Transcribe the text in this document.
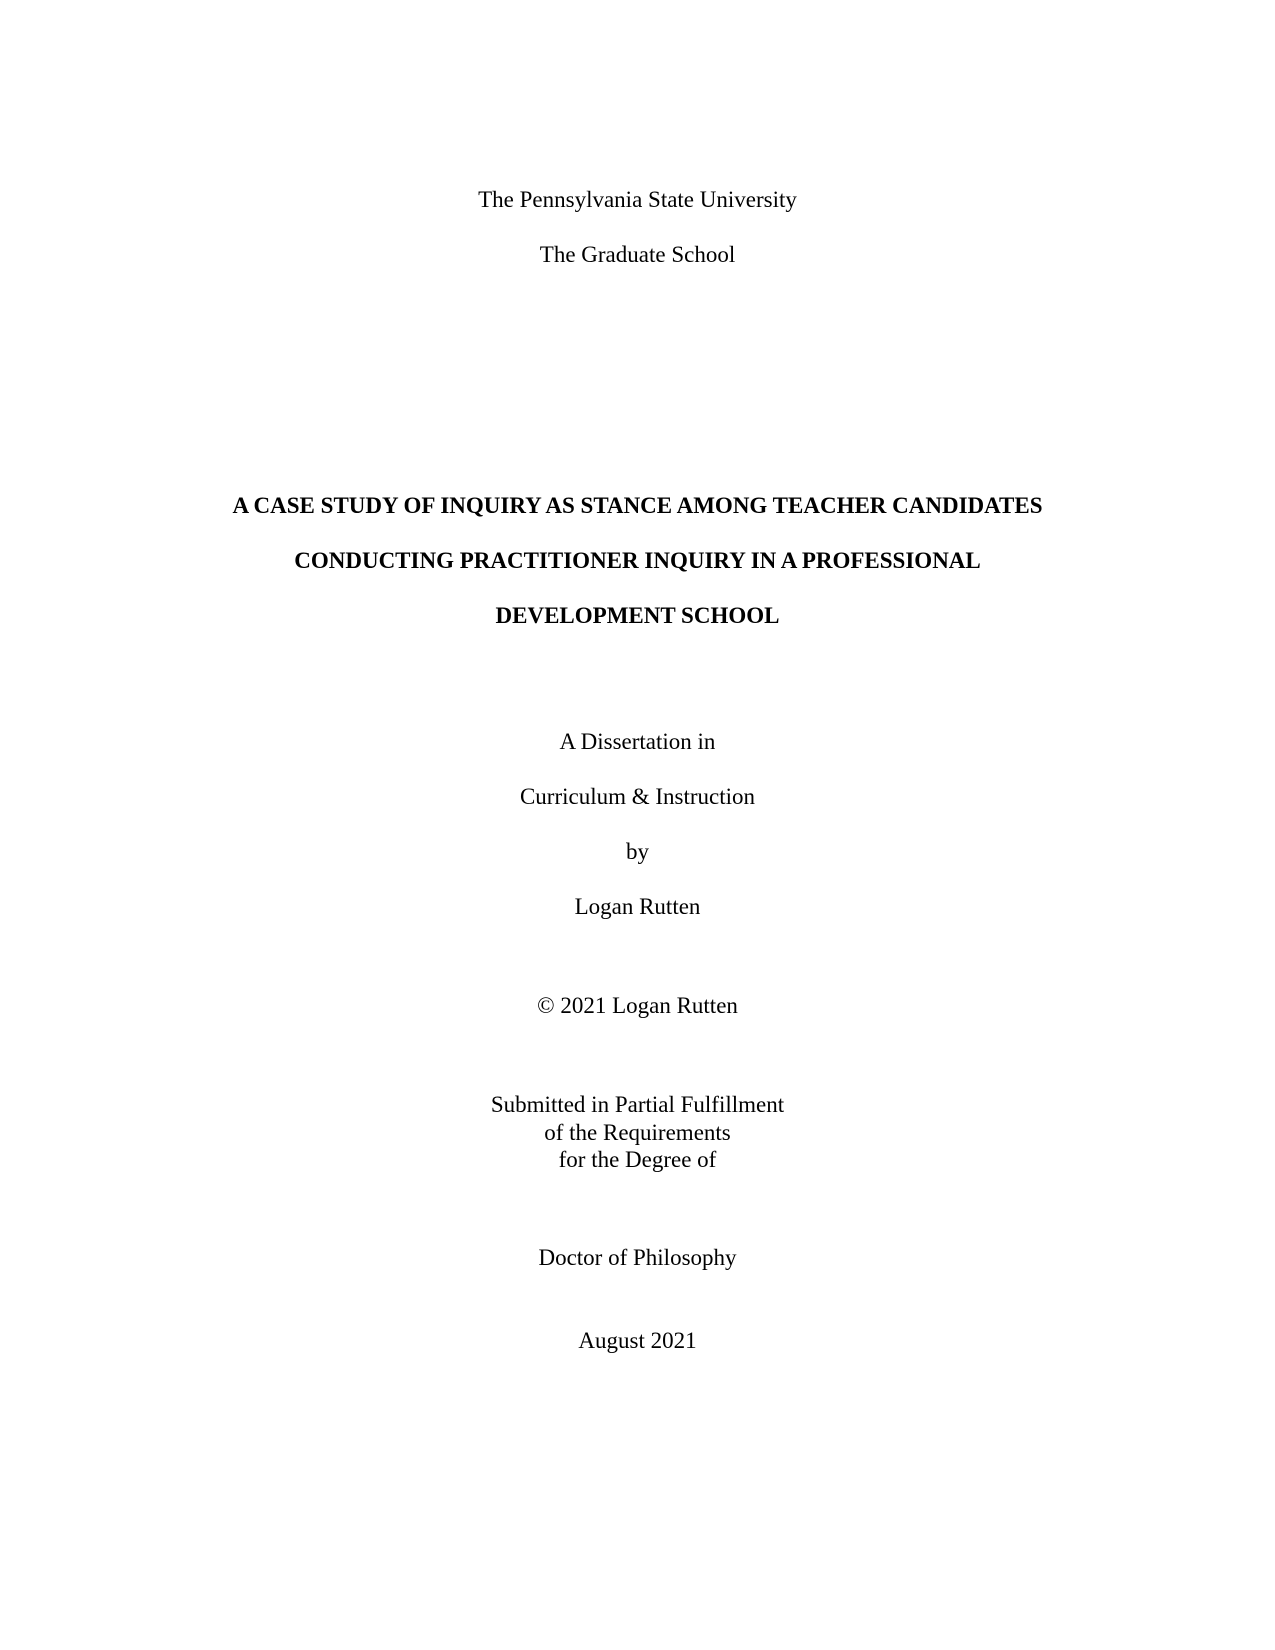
The Pennsylvania State University
The Graduate School
A CASE STUDY OF INQUIRY AS STANCE AMONG TEACHER CANDIDATES
CONDUCTING PRACTITIONER INQUIRY IN A PROFESSIONAL
DEVELOPMENT SCHOOL
A Dissertation in
Curriculum & Instruction
by
Logan Rutten
© 2021 Logan Rutten
Submitted in Partial Fulfillment
of the Requirements
for the Degree of
Doctor of Philosophy
August 2021
